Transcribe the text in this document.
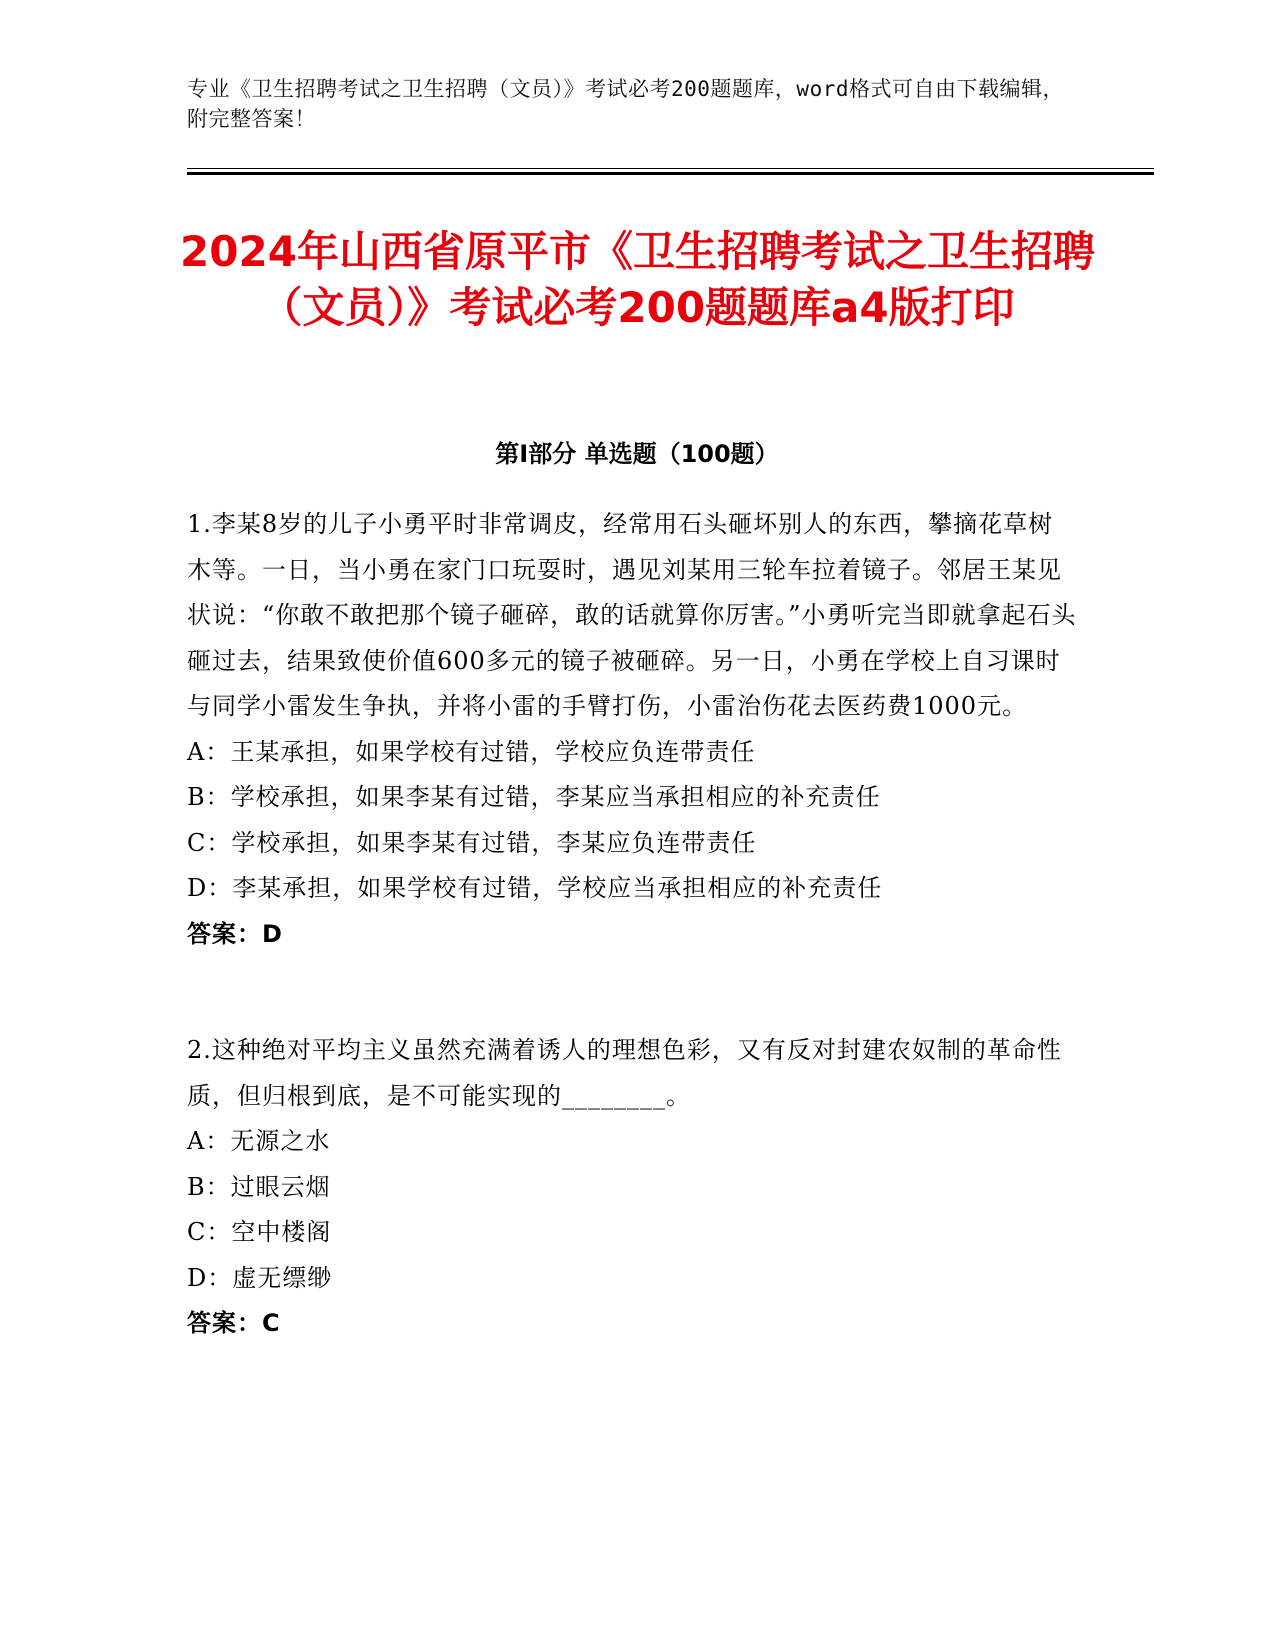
专业《卫生招聘考试之卫生招聘（文员）》考试必考200题题库，word格式可自由下载编辑，附完整答案！
2024年山西省原平市《卫生招聘考试之卫生招聘（文员）》考试必考200题题库a4版打印
第Ⅰ部分 单选题（100题）

1.李某8岁的儿子小勇平时非常调皮，经常用石头砸坏别人的东西，攀摘花草树木等。一日，当小勇在家门口玩耍时，遇见刘某用三轮车拉着镜子。邻居王某见状说：“你敢不敢把那个镜子砸碎，敢的话就算你厉害。”小勇听完当即就拿起石头砸过去，结果致使价值600多元的镜子被砸碎。另一日，小勇在学校上自习课时与同学小雷发生争执，并将小雷的手臂打伤，小雷治伤花去医药费1000元。

A：王某承担，如果学校有过错，学校应负连带责任

B：学校承担，如果李某有过错，李某应当承担相应的补充责任

C：学校承担，如果李某有过错，李某应负连带责任

D：李某承担，如果学校有过错，学校应当承担相应的补充责任

答案：D

2.这种绝对平均主义虽然充满着诱人的理想色彩，又有反对封建农奴制的革命性质，但归根到底，是不可能实现的________。

A：无源之水

B：过眼云烟

C：空中楼阁

D：虚无缥缈

答案：C
